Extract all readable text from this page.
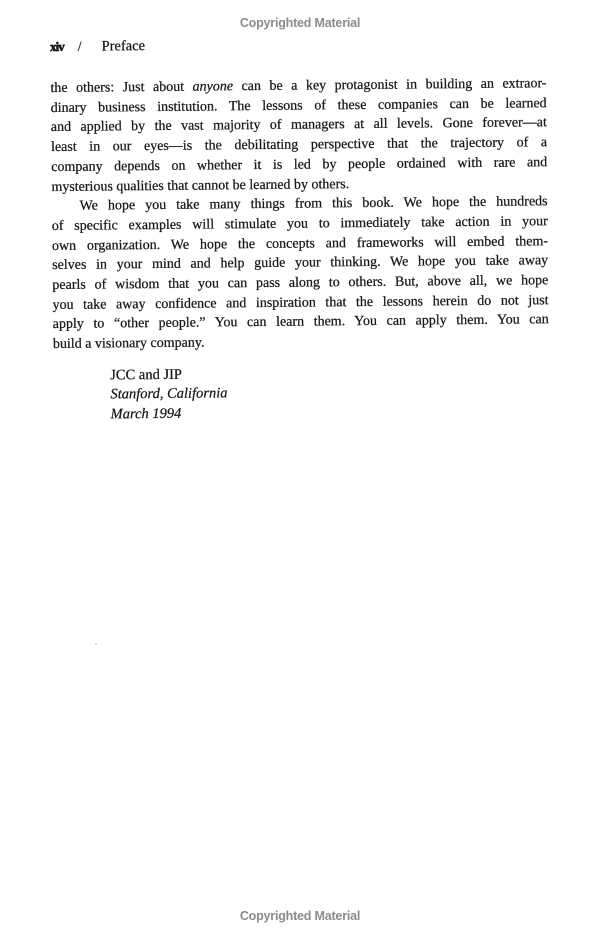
Copyrighted Material
xiv / Preface
the others: Just about anyone can be a key protagonist in building an extraor-
dinary business institution. The lessons of these companies can be learned
and applied by the vast majority of managers at all levels. Gone forever—at
least in our eyes—is the debilitating perspective that the trajectory of a
company depends on whether it is led by people ordained with rare and
mysterious qualities that cannot be learned by others.
We hope you take many things from this book. We hope the hundreds
of specific examples will stimulate you to immediately take action in your
own organization. We hope the concepts and frameworks will embed them-
selves in your mind and help guide your thinking. We hope you take away
pearls of wisdom that you can pass along to others. But, above all, we hope
you take away confidence and inspiration that the lessons herein do not just
apply to “other people.” You can learn them. You can apply them. You can
build a visionary company.
JCC and JIP
Stanford, California
March 1994
Copyrighted Material
